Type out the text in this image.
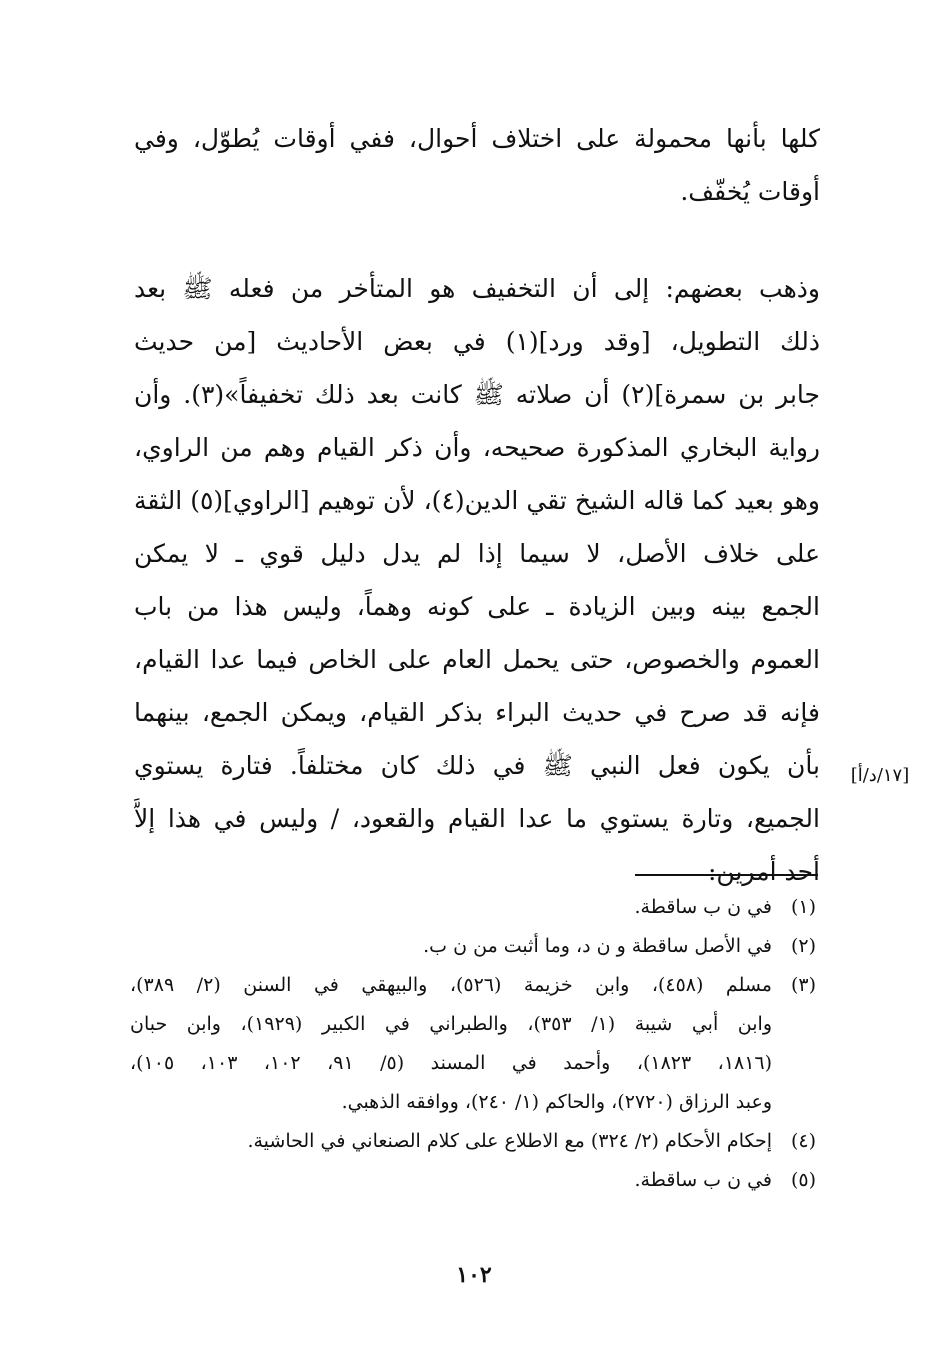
كلها بأنها محمولة على اختلاف أحوال، ففي أوقات يُطوّل، وفي
أوقات يُخفّف.
وذهب بعضهم: إلى أن التخفيف هو المتأخر من فعله ﷺ بعد
ذلك التطويل، [وقد ورد](١) في بعض الأحاديث [من حديث
جابر بن سمرة](٢) أن صلاته ﷺ كانت بعد ذلك تخفيفاً»(٣). وأن
رواية البخاري المذكورة صحيحه، وأن ذكر القيام وهم من الراوي،
وهو بعيد كما قاله الشيخ تقي الدين(٤)، لأن توهيم [الراوي](٥) الثقة
على خلاف الأصل، لا سيما إذا لم يدل دليل قوي ـ لا يمكن
الجمع بينه وبين الزيادة ـ على كونه وهماً، وليس هذا من باب
العموم والخصوص، حتى يحمل العام على الخاص فيما عدا القيام،
فإنه قد صرح في حديث البراء بذكر القيام، ويمكن الجمع، بينهما
بأن يكون فعل النبي ﷺ في ذلك كان مختلفاً. فتارة يستوي
الجميع، وتارة يستوي ما عدا القيام والقعود، / وليس في هذا إلاَّ
أحد أمرين:
[١٧/د/أ]
(١)
في ن ب ساقطة.
(٢)
في الأصل ساقطة و ن د، وما أثبت من ن ب.
(٣)
مسلم (٤٥٨)، وابن خزيمة (٥٢٦)، والبيهقي في السنن (٢/ ٣٨٩)،
وابن أبي شيبة (١/ ٣٥٣)، والطبراني في الكبير (١٩٢٩)، وابن حبان
(١٨١٦، ١٨٢٣)، وأحمد في المسند (٥/ ٩١، ١٠٢، ١٠٣، ١٠٥)،
وعبد الرزاق (٢٧٢٠)، والحاكم (١/ ٢٤٠)، ووافقه الذهبي.
(٤)
إحكام الأحكام (٢/ ٣٢٤) مع الاطلاع على كلام الصنعاني في الحاشية.
(٥)
في ن ب ساقطة.
١٠٢
